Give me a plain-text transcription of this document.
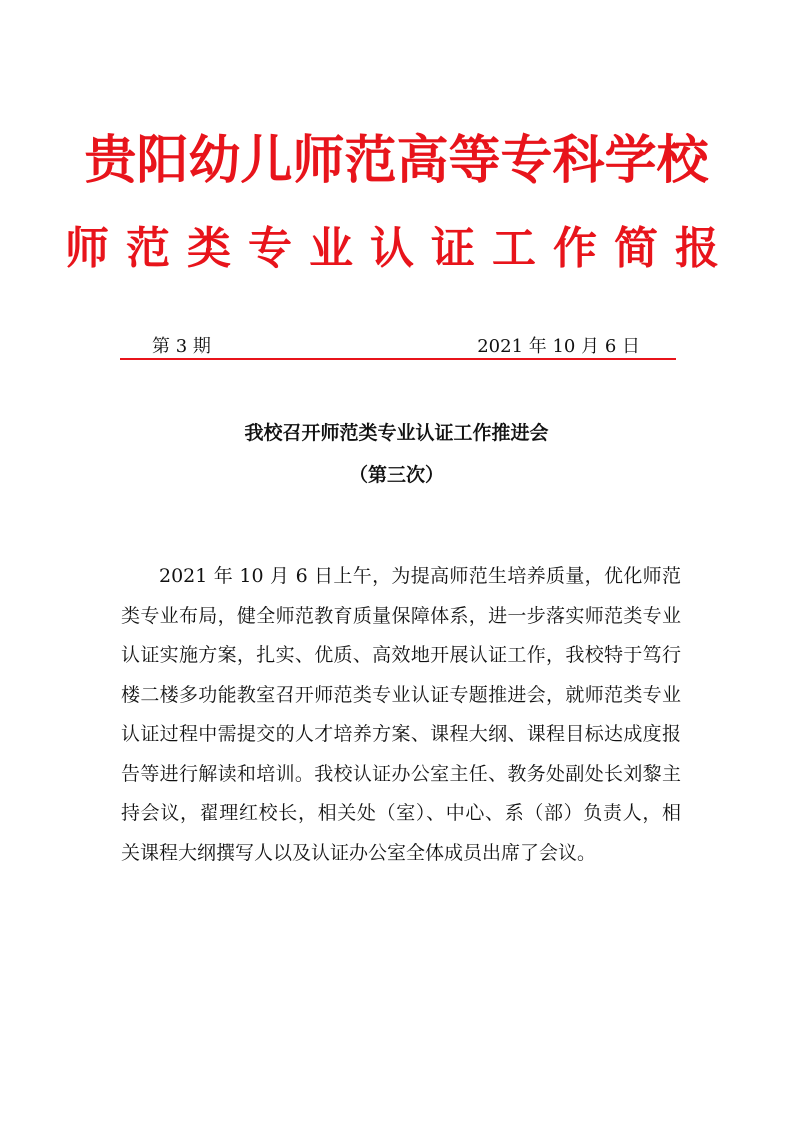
贵阳幼儿师范高等专科学校
师范类专业认证工作简报
第 3 期	2021 年 10 月 6 日
我校召开师范类专业认证工作推进会
（第三次）

2021 年 10 月 6 日上午，为提高师范生培养质量，优化师范类专业布局，健全师范教育质量保障体系，进一步落实师范类专业认证实施方案，扎实、优质、高效地开展认证工作，我校特于笃行楼二楼多功能教室召开师范类专业认证专题推进会，就师范类专业认证过程中需提交的人才培养方案、课程大纲、课程目标达成度报告等进行解读和培训。我校认证办公室主任、教务处副处长刘黎主持会议，翟理红校长，相关处（室）、中心、系（部）负责人，相关课程大纲撰写人以及认证办公室全体成员出席了会议。
